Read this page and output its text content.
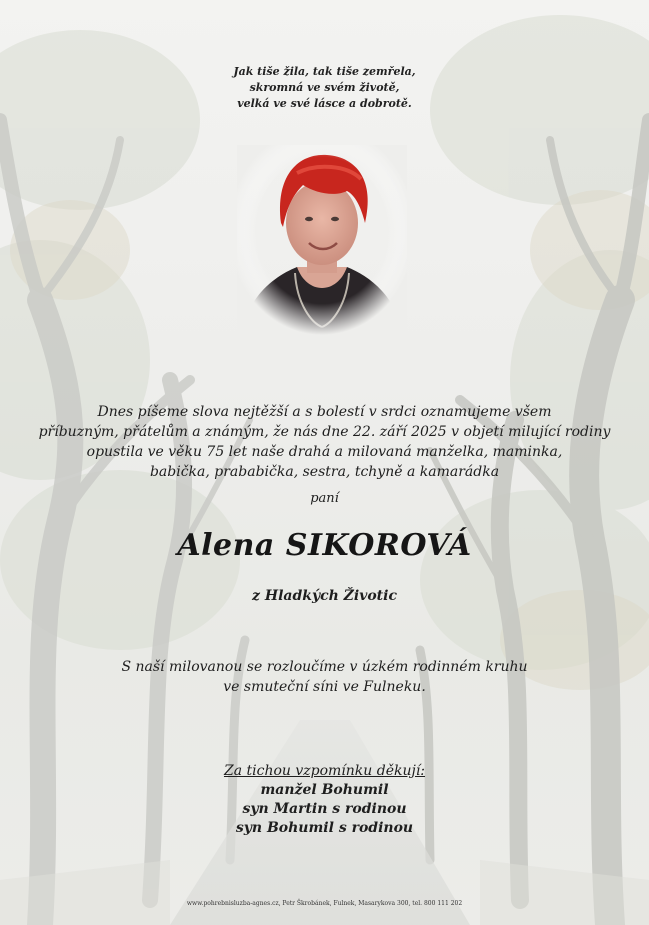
Jak tiše žila, tak tiše zemřela,
skromná ve svém životě,
velká ve své lásce a dobrotě.
Dnes píšeme slova nejtěžší a s bolestí v srdci oznamujeme všem
příbuzným, přátelům a známým, že nás dne 22. září 2025 v objetí milující rodiny
opustila ve věku 75 let naše drahá a milovaná manželka, maminka,
babička, prababička, sestra, tchyně a kamarádka
paní
Alena SIKOROVÁ
z Hladkých Životic
S naší milovanou se rozloučíme v úzkém rodinném kruhu
ve smuteční síni ve Fulneku.
Za tichou vzpomínku děkují:
manžel Bohumil
syn Martin s rodinou
syn Bohumil s rodinou
www.pohrebnisluzba-agnes.cz, Petr Škrobánek, Fulnek, Masarykova 300, tel. 800 111 202
